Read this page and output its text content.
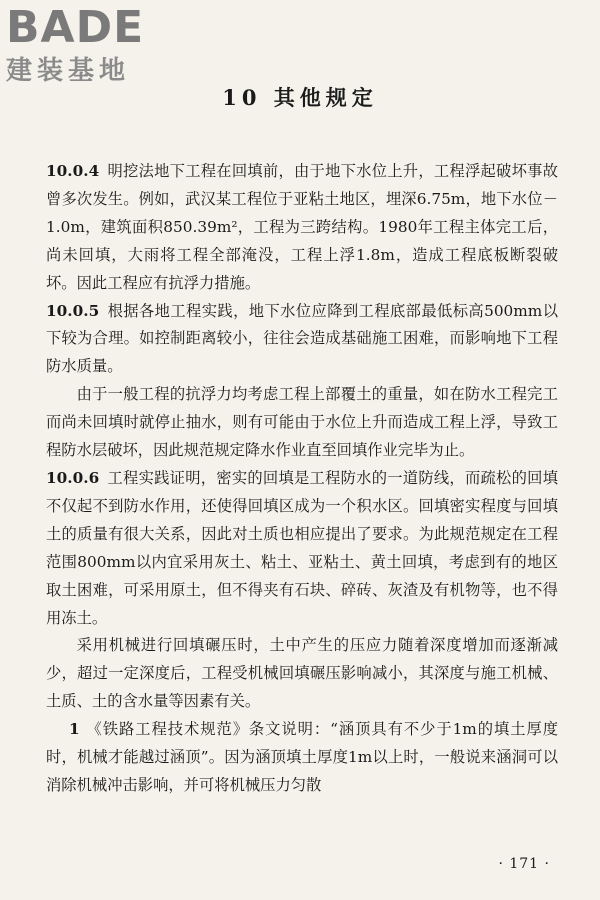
BADE
建装基地
10 其他规定

10.0.4 明挖法地下工程在回填前，由于地下水位上升，工程浮起破坏事故曾多次发生。例如，武汉某工程位于亚粘土地区，埋深6.75m，地下水位－1.0m，建筑面积850.39m²，工程为三跨结构。1980年工程主体完工后，尚未回填，大雨将工程全部淹没，工程上浮1.8m，造成工程底板断裂破坏。因此工程应有抗浮力措施。

10.0.5 根据各地工程实践，地下水位应降到工程底部最低标高500mm以下较为合理。如控制距离较小，往往会造成基础施工困难，而影响地下工程防水质量。

由于一般工程的抗浮力均考虑工程上部覆土的重量，如在防水工程完工而尚未回填时就停止抽水，则有可能由于水位上升而造成工程上浮，导致工程防水层破坏，因此规范规定降水作业直至回填作业完毕为止。

10.0.6 工程实践证明，密实的回填是工程防水的一道防线，而疏松的回填不仅起不到防水作用，还使得回填区成为一个积水区。回填密实程度与回填土的质量有很大关系，因此对土质也相应提出了要求。为此规范规定在工程范围800mm以内宜采用灰土、粘土、亚粘土、黄土回填，考虑到有的地区取土困难，可采用原土，但不得夹有石块、碎砖、灰渣及有机物等，也不得用冻土。

采用机械进行回填碾压时，土中产生的压应力随着深度增加而逐渐减少，超过一定深度后，工程受机械回填碾压影响减小，其深度与施工机械、土质、土的含水量等因素有关。

1 《铁路工程技术规范》条文说明：“涵顶具有不少于1m的填土厚度时，机械才能越过涵顶”。因为涵顶填土厚度1m以上时，一般说来涵洞可以消除机械冲击影响，并可将机械压力匀散

· 171 ·
